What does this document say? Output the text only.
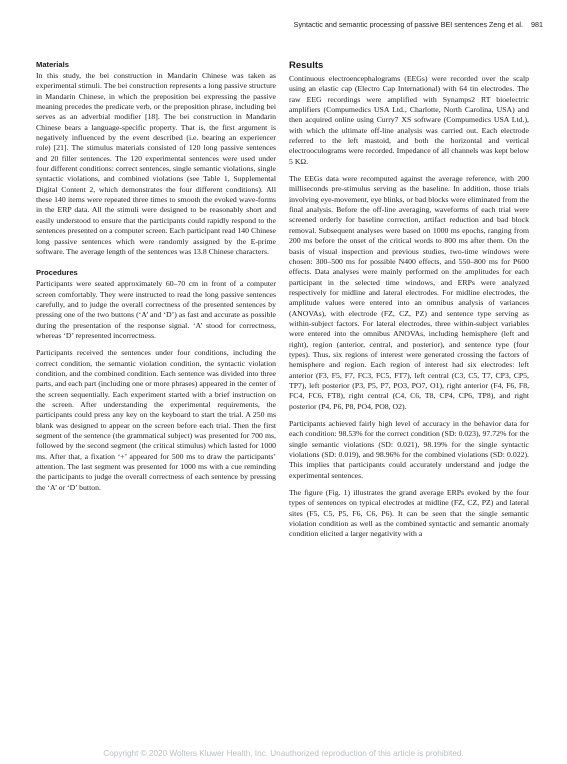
Syntactic and semantic processing of passive BEI sentences Zeng et al. 981
Materials

In this study, the bei construction in Mandarin Chinese was taken as experimental stimuli. The bei construction represents a long passive structure in Mandarin Chinese, in which the preposition bei expressing the passive meaning precedes the predicate verb, or the preposition phrase, including bei serves as an adverbial modifier [18]. The bei construction in Mandarin Chinese bears a language-specific property. That is, the first argument is negatively influenced by the event described (i.e. bearing an experiencer role) [21]. The stimulus materials consisted of 120 long passive sentences and 20 filler sentences. The 120 experimental sentences were used under four different conditions: correct sentences, single semantic violations, single syntactic violations, and combined violations (see Table 1, Supplemental Digital Content 2, which demonstrates the four different conditions). All these 140 items were repeated three times to smooth the evoked wave-forms in the ERP data. All the stimuli were designed to be reasonably short and easily understood to ensure that the participants could rapidly respond to the sentences presented on a computer screen. Each participant read 140 Chinese long passive sentences which were randomly assigned by the E-prime software. The average length of the sentences was 13.8 Chinese characters.

Procedures

Participants were seated approximately 60–70 cm in front of a computer screen comfortably. They were instructed to read the long passive sentences carefully, and to judge the overall correctness of the presented sentences by pressing one of the two buttons (‘A’ and ‘D’) as fast and accurate as possible during the presentation of the response signal. ‘A’ stood for correctness, whereas ‘D’ represented incorrectness.

Participants received the sentences under four conditions, including the correct condition, the semantic violation condition, the syntactic violation condition, and the combined condition. Each sentence was divided into three parts, and each part (including one or more phrases) appeared in the center of the screen sequentially. Each experiment started with a brief instruction on the screen. After understanding the experimental requirements, the participants could press any key on the keyboard to start the trial. A 250 ms blank was designed to appear on the screen before each trial. Then the first segment of the sentence (the grammatical subject) was presented for 700 ms, followed by the second segment (the critical stimulus) which lasted for 1000 ms. After that, a fixation ‘+’ appeared for 500 ms to draw the participants’ attention. The last segment was presented for 1000 ms with a cue reminding the participants to judge the overall correctness of each sentence by pressing the ‘A’ or ‘D’ button.

Results

Continuous electroencephalograms (EEGs) were recorded over the scalp using an elastic cap (Electro Cap International) with 64 tin electrodes. The raw EEG recordings were amplified with Synamps2 RT bioelectric amplifiers (Compumedics USA Ltd., Charlotte, North Carolina, USA) and then acquired online using Curry7 XS software (Compumedics USA Ltd.), with which the ultimate off-line analysis was carried out. Each electrode referred to the left mastoid, and both the horizontal and vertical electrooculograms were recorded. Impedance of all channels was kept below 5 KΩ.

The EEGs data were recomputed against the average reference, with 200 milliseconds pre-stimulus serving as the baseline. In addition, those trials involving eye-movement, eye blinks, or bad blocks were eliminated from the final analysis. Before the off-line averaging, waveforms of each trial were screened orderly for baseline correction, artifact reduction and bad block removal. Subsequent analyses were based on 1000 ms epochs, ranging from 200 ms before the onset of the critical words to 800 ms after them. On the basis of visual inspection and previous studies, two-time windows were chosen: 300–500 ms for possible N400 effects, and 550–800 ms for P600 effects. Data analyses were mainly performed on the amplitudes for each participant in the selected time windows, and ERPs were analyzed respectively for midline and lateral electrodes. For midline electrodes, the amplitude values were entered into an omnibus analysis of variances (ANOVAs), with electrode (FZ, CZ, PZ) and sentence type serving as within-subject factors. For lateral electrodes, three within-subject variables were entered into the omnibus ANOVAs, including hemisphere (left and right), region (anterior, central, and posterior), and sentence type (four types). Thus, six regions of interest were generated crossing the factors of hemisphere and region. Each region of interest had six electrodes: left anterior (F3, F5, F7, FC3, FC5, FT7), left central (C3, C5, T7, CP3, CP5, TP7), left posterior (P3, P5, P7, PO3, PO7, O1), right anterior (F4, F6, F8, FC4, FC6, FT8), right central (C4, C6, T8, CP4, CP6, TP8), and right posterior (P4, P6, P8, PO4, PO8, O2).

Participants achieved fairly high level of accuracy in the behavior data for each condition: 98.53% for the correct condition (SD: 0.023), 97.72% for the single semantic violations (SD: 0.021), 98.19% for the single syntactic violations (SD: 0.019), and 98.96% for the combined violations (SD: 0.022). This implies that participants could accurately understand and judge the experimental sentences.

The figure (Fig. 1) illustrates the grand average ERPs evoked by the four types of sentences on typical electrodes at midline (FZ, CZ, PZ) and lateral sites (F5, C5, P5, F6, C6, P6). It can be seen that the single semantic violation condition as well as the combined syntactic and semantic anomaly condition elicited a larger negativity with a

Copyright © 2020 Wolters Kluwer Health, Inc. Unauthorized reproduction of this article is prohibited.
